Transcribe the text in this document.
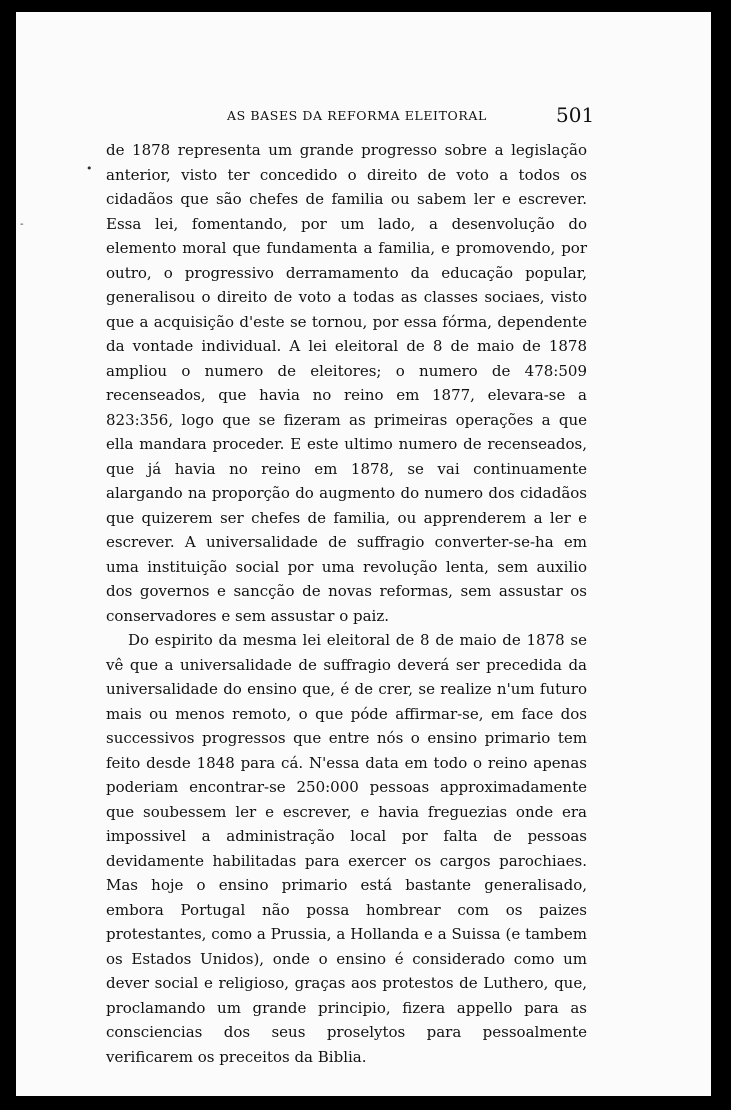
AS BASES DA REFORMA ELEITORAL	501
•
-

de 1878 representa um grande progresso sobre a legislação anterior, visto ter concedido o direito de voto a todos os cidadãos que são chefes de familia ou sabem ler e escrever. Essa lei, fomentando, por um lado, a desenvolução do elemento moral que fundamenta a familia, e promovendo, por outro, o progressivo derramamento da educação popular, generalisou o direito de voto a todas as classes sociaes, visto que a acquisição d'este se tornou, por essa fórma, dependente da vontade individual. A lei eleitoral de 8 de maio de 1878 ampliou o numero de eleitores; o numero de 478:509 recenseados, que havia no reino em 1877, elevara-se a 823:356, logo que se fizeram as primeiras operações a que ella mandara proceder. E este ultimo numero de recenseados, que já havia no reino em 1878, se vai continuamente alargando na proporção do augmento do numero dos cidadãos que quizerem ser chefes de familia, ou apprenderem a ler e escrever. A universalidade de suffragio converter-se-ha em uma instituição social por uma revolução lenta, sem auxilio dos governos e sancção de novas reformas, sem assustar os conservadores e sem assustar o paiz.

Do espirito da mesma lei eleitoral de 8 de maio de 1878 se vê que a universalidade de suffragio deverá ser precedida da universalidade do ensino que, é de crer, se realize n'um futuro mais ou menos remoto, o que póde affirmar-se, em face dos successivos progressos que entre nós o ensino primario tem feito desde 1848 para cá. N'essa data em todo o reino apenas poderiam encontrar-se 250:000 pessoas approximadamente que soubessem ler e escrever, e havia freguezias onde era impossivel a administração local por falta de pessoas devidamente habilitadas para exercer os cargos parochiaes. Mas hoje o ensino primario está bastante generalisado, embora Portugal não possa hombrear com os paizes protestantes, como a Prussia, a Hollanda e a Suissa (e tambem os Estados Unidos), onde o ensino é considerado como um dever social e religioso, graças aos protestos de Luthero, que, proclamando um grande principio, fizera appello para as consciencias dos seus proselytos para pessoalmente verificarem os preceitos da Biblia.
